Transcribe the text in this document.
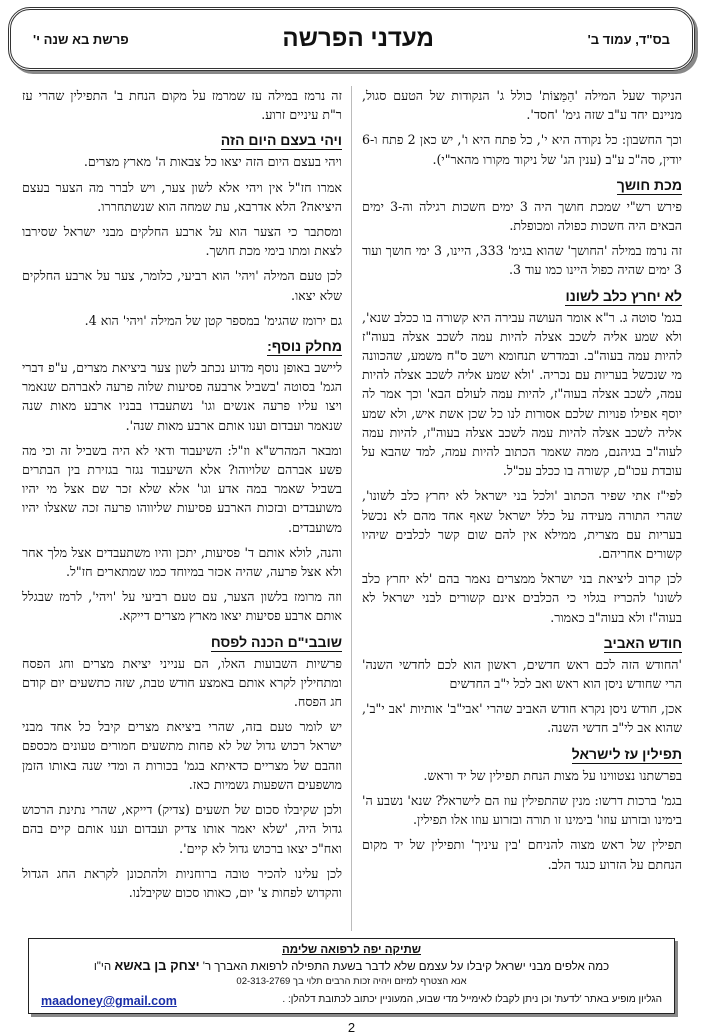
בס"ד, עמוד ב'
מעדני הפרשה
פרשת בא שנה י'
הניקוד שעל המילה 'הַמַּצּוֹת' כולל ג' הנקודות של הטעם סגול, מניינם יחד ע"ב שזה גימ' 'חסד'.
וכך החשבון: כל נקודה היא י', כל פתח היא ו', יש כאן 2 פתח ו-6 יודין, סה"כ ע"ב (ענין הג' של ניקוד מקורו מהאר"י).
מכת חושך
פירש רש"י שמכת חושך היה 3 ימים חשכות רגילה וה-3 ימים הבאים היה חשכות כפולה ומכופלת.
זה נרמז במילה 'החושך' שהוא בגימ' 333, היינו, 3 ימי חושך ועוד 3 ימים שהיה כפול היינו כמו עוד 3.
לא יחרץ כלב לשונו
בגמ' סוטה ג. ר"א אומר העושה עבירה היא קשורה בו ככלב שנא', ולא שמע אליה לשכב אצלה להיות עמה לשכב אצלה בעוה"ז להיות עמה בעוה"ב. ובמדרש תנחומא וישב ס"ח משמע, שהכוונה מי שנכשל בעריות עם נכריה. 'ולא שמע אליה לשכב אצלה להיות עמה, לשכב אצלה בעוה"ז, להיות עמה לעולם הבא' וכך אמר לה יוסף אפילו פנויות שלכם אסורות לנו כל שכן אשת איש, ולא שמע אליה לשכב אצלה להיות עמה לשכב אצלה בעוה"ז, להיות עמה לעוה"ב בגיהנם, ממה שאמר הכתוב להיות עמה, למד שהבא על עובדת עכו"ם, קשורה בו ככלב עכ"ל.
לפי"ז אתי שפיר הכתוב 'ולכל בני ישראל לא יחרץ כלב לשונו', שהרי התורה מעידה על כלל ישראל שאף אחד מהם לא נכשל בעריות עם מצרית, ממילא אין להם שום קשר לכלבים שיהיו קשורים אחריהם.
לכן קרוב ליציאת בני ישראל ממצרים נאמר בהם 'לא יחרץ כלב לשונו' להכריז בגלוי כי הכלבים אינם קשורים לבני ישראל לא בעוה"ז ולא בעוה"ב כאמור.
חודש האביב
'החודש הזה לכם ראש חדשים, ראשון הוא לכם לחדשי השנה' הרי שחודש ניסן הוא ראש ואב לכל י"ב החדשים
אכן, חודש ניסן נקרא חודש האביב שהרי 'אבי"ב' אותיות 'אב י"ב', שהוא אב לי"ב חדשי השנה.
תפילין עז לישראל
בפרשתנו נצטווינו על מצות הנחת תפילין של יד וראש.
בגמ' ברכות דרשו: מנין שהתפילין עוז הם לישראל? שנא' נשבע ה' בימינו ובזרוע עוזו' בימינו זו תורה ובזרוע עוזו אלו תפילין.
תפילין של ראש מצוה להניחם 'בין עיניך' ותפילין של יד מקום הנחתם על הזרוע כנגד הלב.
זה נרמז במילה עז שמרמז על מקום הנחת ב' התפילין שהרי עז ר"ת עיניים זרוע.
ויהי בעצם היום הזה
ויהי בעצם היום הזה יצאו כל צבאות ה' מארץ מצרים.
אמרו חז"ל אין ויהי אלא לשון צער, ויש לברר מה הצער בעצם היציאה? הלא אדרבא, עת שמחה הוא שנשתחררו.
ומסתבר כי הצער הוא על ארבע החלקים מבני ישראל שסירבו לצאת ומתו בימי מכת חושך.
לכן טעם המילה 'ויהי' הוא רביעי, כלומר, צער על ארבע החלקים שלא יצאו.
גם ירומז שהגימ' במספר קטן של המילה 'ויהי' הוא 4.
מחלק נוסף:
ליישב באופן נוסף מדוע נכתב לשון צער ביציאת מצרים, ע"פ דברי הגמ' בסוטה 'בשביל ארבעה פסיעות שלוה פרעה לאברהם שנאמר ויצו עליו פרעה אנשים וגו' נשתעבדו בבניו ארבע מאות שנה שנאמר ועבדום וענו אותם ארבע מאות שנה'.
ומבאר המהרש"א וז"ל: השיעבוד ודאי לא היה בשביל זה וכי מה פשע אברהם שלויוהו? אלא השיעבוד נגזר בגזירת בין הבתרים בשביל שאמר במה אדע וגו' אלא שלא זכר שם אצל מי יהיו משועבדים ובזכות הארבע פסיעות שליווהו פרעה זכה שאצלו יהיו משועבדים.
והנה, לולא אותם ד' פסיעות, יתכן והיו משתעבדים אצל מלך אחר ולא אצל פרעה, שהיה אכזר במיוחד כמו שמתארים חז"ל.
וזה מרומז בלשון הצער, עם טעם רביעי על 'ויהי', לרמז שבגלל אותם ארבע פסיעות יצאו מארץ מצרים דייקא.
שובבי"ם הכנה לפסח
פרשיות השבועות האלו, הם ענייני יציאת מצרים וחג הפסח ומתחילין לקרא אותם באמצע חודש טבת, שזה כתשעים יום קודם חג הפסח.
יש לומר טעם בזה, שהרי ביציאת מצרים קיבל כל אחד מבני ישראל רכוש גדול של לא פחות מתשעים חמורים טעונים מכספם וזהבם של מצריים כדאיתא בגמ' בכורות ה ומדי שנה באותו הזמן מושפעים השפעות גשמיות כאז.
ולכן שקיבלו סכום של תשעים (צדיק) דייקא, שהרי נתינת הרכוש גדול היה, 'שלא יאמר אותו צדיק ועבדום וענו אותם קיים בהם ואח"כ יצאו ברכוש גדול לא קיים'.
לכן עלינו להכיר טובה ברוחניות ולהתכונן לקראת החג הגדול והקדוש לפחות צ' יום, כאותו סכום שקיבלנו.
שתיקה יפה לרפואה שלימה
כמה אלפים מבני ישראל קיבלו על עצמם שלא לדבר בשעת התפילה לרפואת האברך ר' יצחק בן באשא הי"ו
אנא הצטרף למיזם ויהיה זכות הרבים תלוי בך 02-313-2769
הגליון מופיע באתר 'לדעת' וכן ניתן לקבלו לאימייל מדי שבוע, המעוניין יכתוב לכתובת דלהלן: .
maadoney@gmail.com
2
